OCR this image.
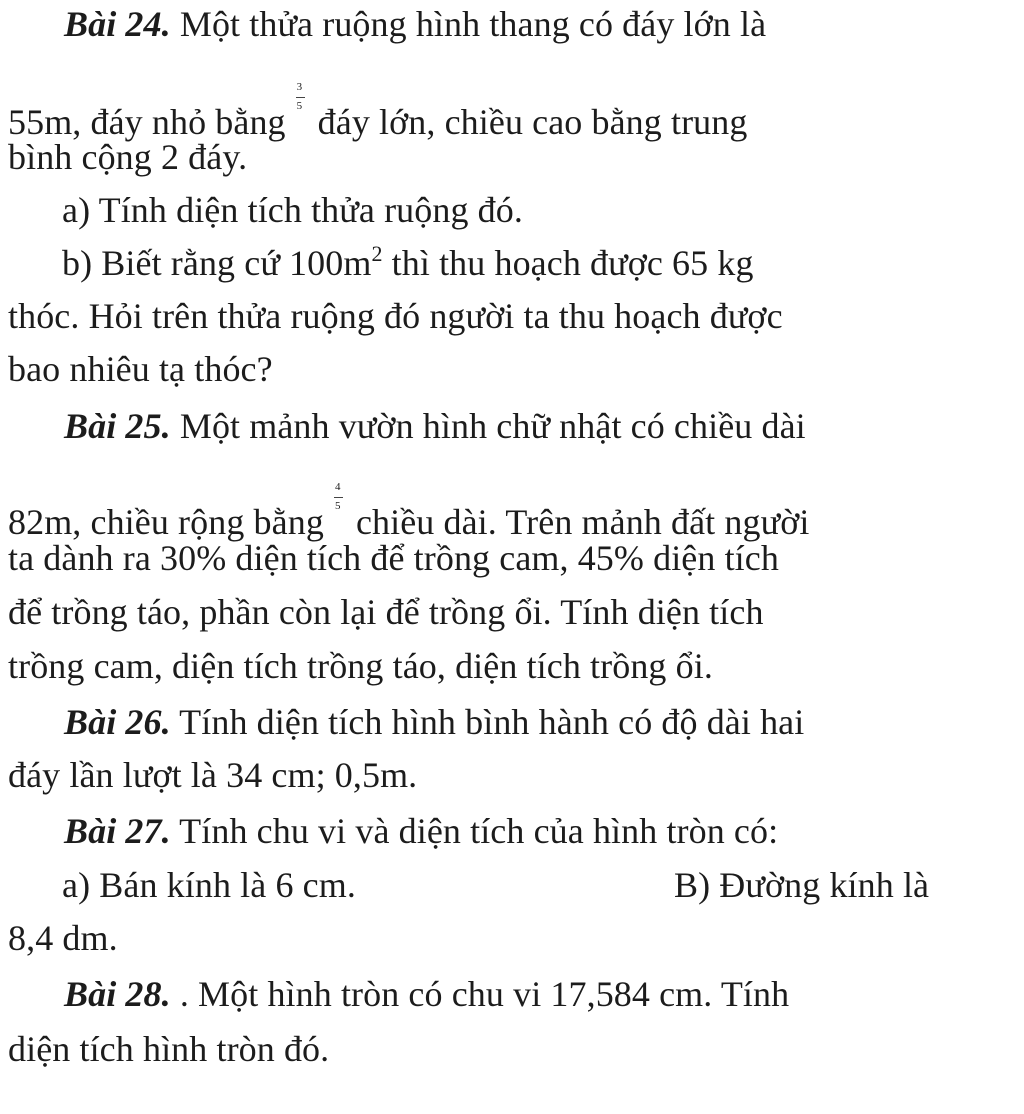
Bài 24. Một thửa ruộng hình thang có đáy lớn là
55m, đáy nhỏ bằng
$\frac{3}{5}$
đáy lớn, chiều cao bằng trung
bình cộng 2 đáy.
a) Tính diện tích thửa ruộng đó.
b) Biết rằng cứ $100m^2$ thì thu hoạch được 65 kg
thóc. Hỏi trên thửa ruộng đó người ta thu hoạch được
bao nhiêu tạ thóc?
Bài 25. Một mảnh vườn hình chữ nhật có chiều dài
82m, chiều rộng bằng
$\frac{4}{5}$
chiều dài. Trên mảnh đất người
ta dành ra 30% diện tích để trồng cam, 45% diện tích
để trồng táo, phần còn lại để trồng ổi. Tính diện tích
trồng cam, diện tích trồng táo, diện tích trồng ổi.
Bài 26. Tính diện tích hình bình hành có độ dài hai
đáy lần lượt là 34 cm; 0,5m.
Bài 27. Tính chu vi và diện tích của hình tròn có:
a) Bán kính là 6 cm.	B) Đường kính là
8,4 dm.
Bài 28. . Một hình tròn có chu vi 17,584 cm. Tính
diện tích hình tròn đó.
